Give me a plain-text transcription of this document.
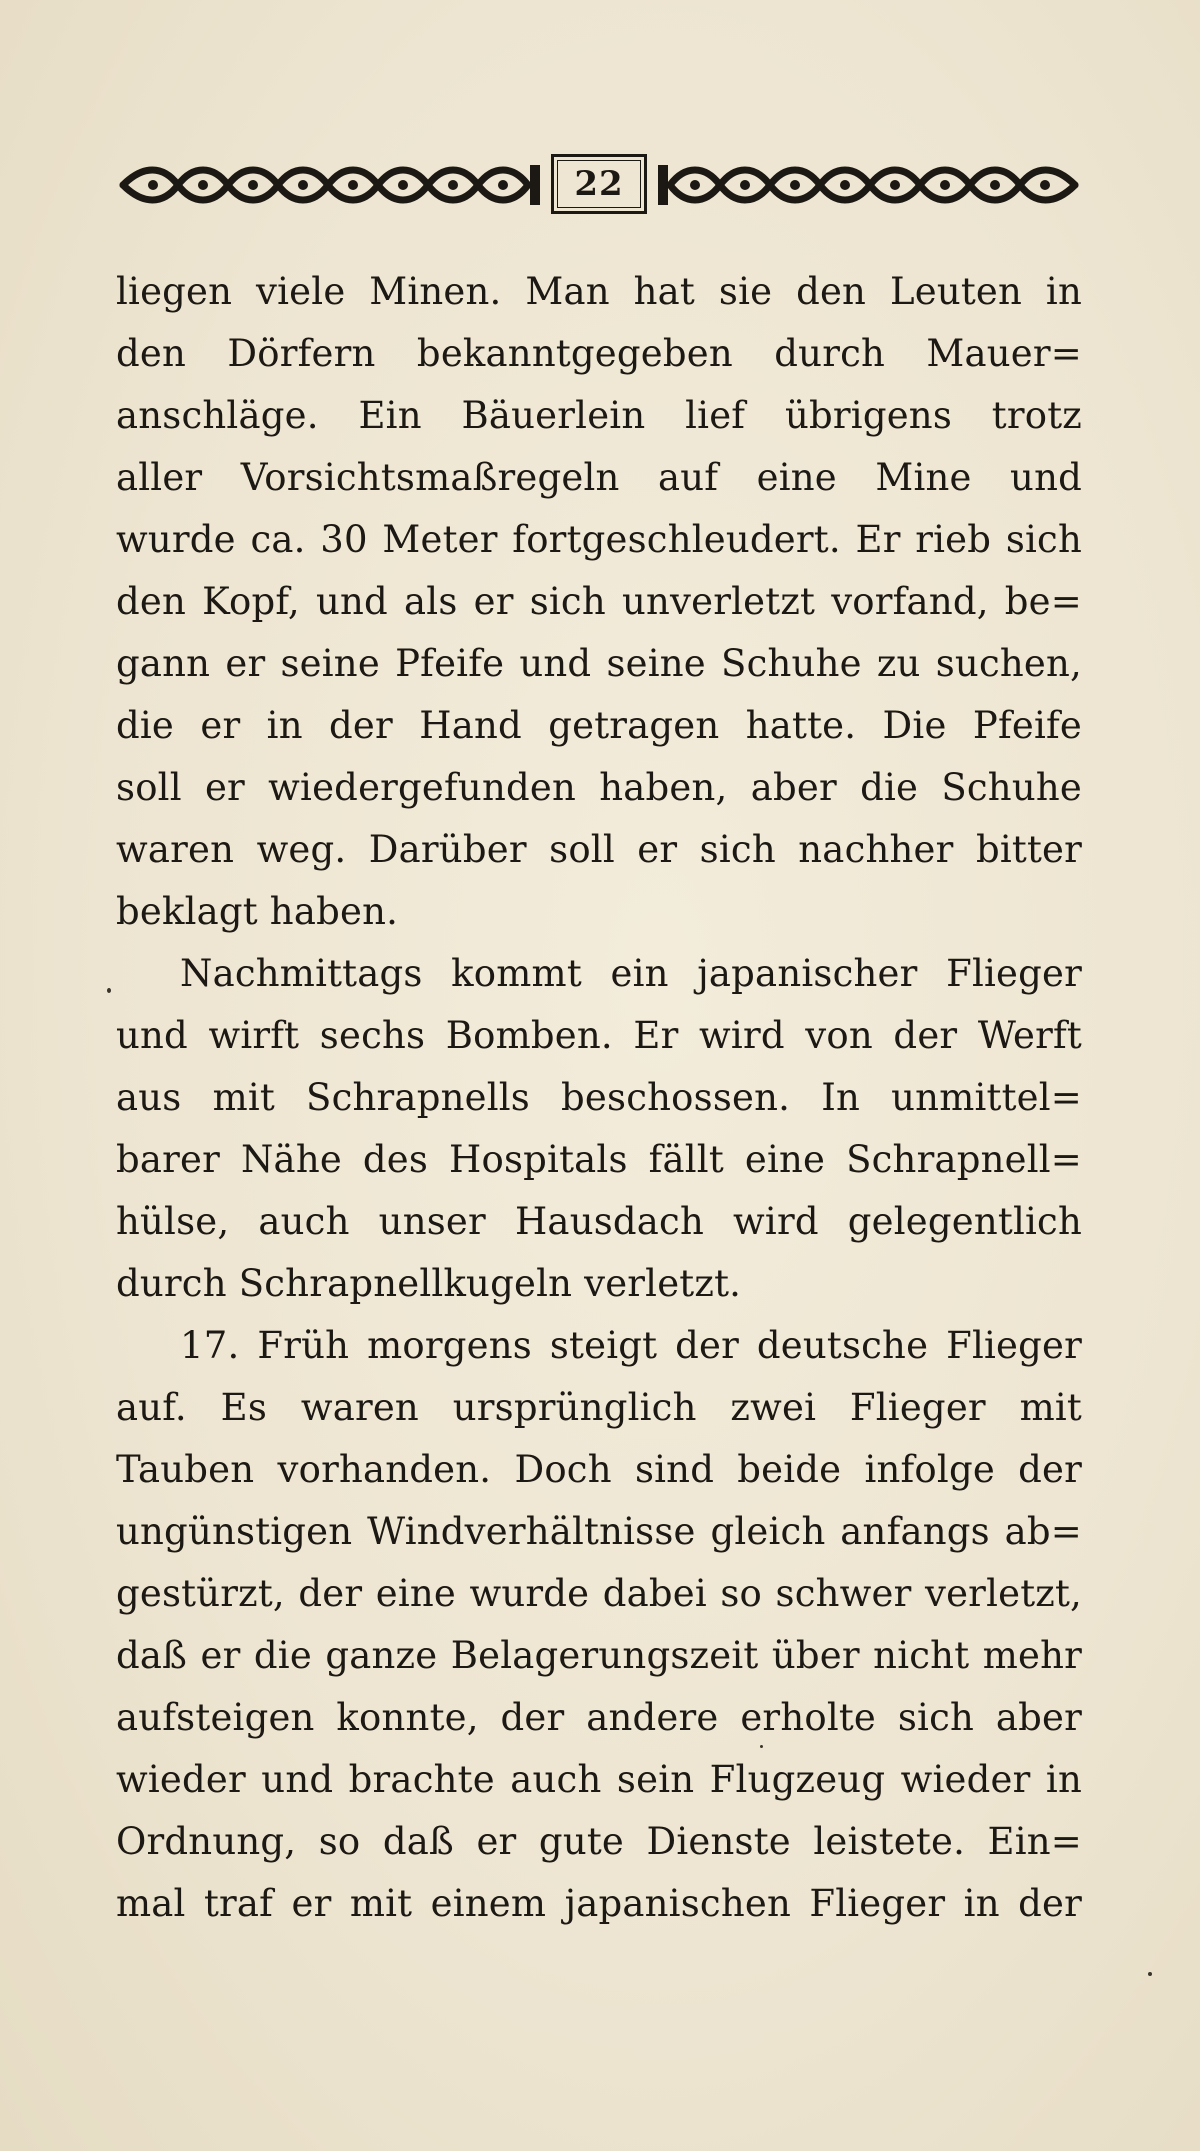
22
liegen viele Minen. Man hat sie den Leuten in
den Dörfern bekanntgegeben durch Mauer=
anschläge. Ein Bäuerlein lief übrigens trotz
aller Vorsichtsmaßregeln auf eine Mine und
wurde ca. 30 Meter fortgeschleudert. Er rieb sich
den Kopf, und als er sich unverletzt vorfand, be=
gann er seine Pfeife und seine Schuhe zu suchen,
die er in der Hand getragen hatte. Die Pfeife
soll er wiedergefunden haben, aber die Schuhe
waren weg. Darüber soll er sich nachher bitter
beklagt haben.
Nachmittags kommt ein japanischer Flieger
und wirft sechs Bomben. Er wird von der Werft
aus mit Schrapnells beschossen. In unmittel=
barer Nähe des Hospitals fällt eine Schrapnell=
hülse, auch unser Hausdach wird gelegentlich
durch Schrapnellkugeln verletzt.
17. Früh morgens steigt der deutsche Flieger
auf. Es waren ursprünglich zwei Flieger mit
Tauben vorhanden. Doch sind beide infolge der
ungünstigen Windverhältnisse gleich anfangs ab=
gestürzt, der eine wurde dabei so schwer verletzt,
daß er die ganze Belagerungszeit über nicht mehr
aufsteigen konnte, der andere erholte sich aber
wieder und brachte auch sein Flugzeug wieder in
Ordnung, so daß er gute Dienste leistete. Ein=
mal traf er mit einem japanischen Flieger in der
